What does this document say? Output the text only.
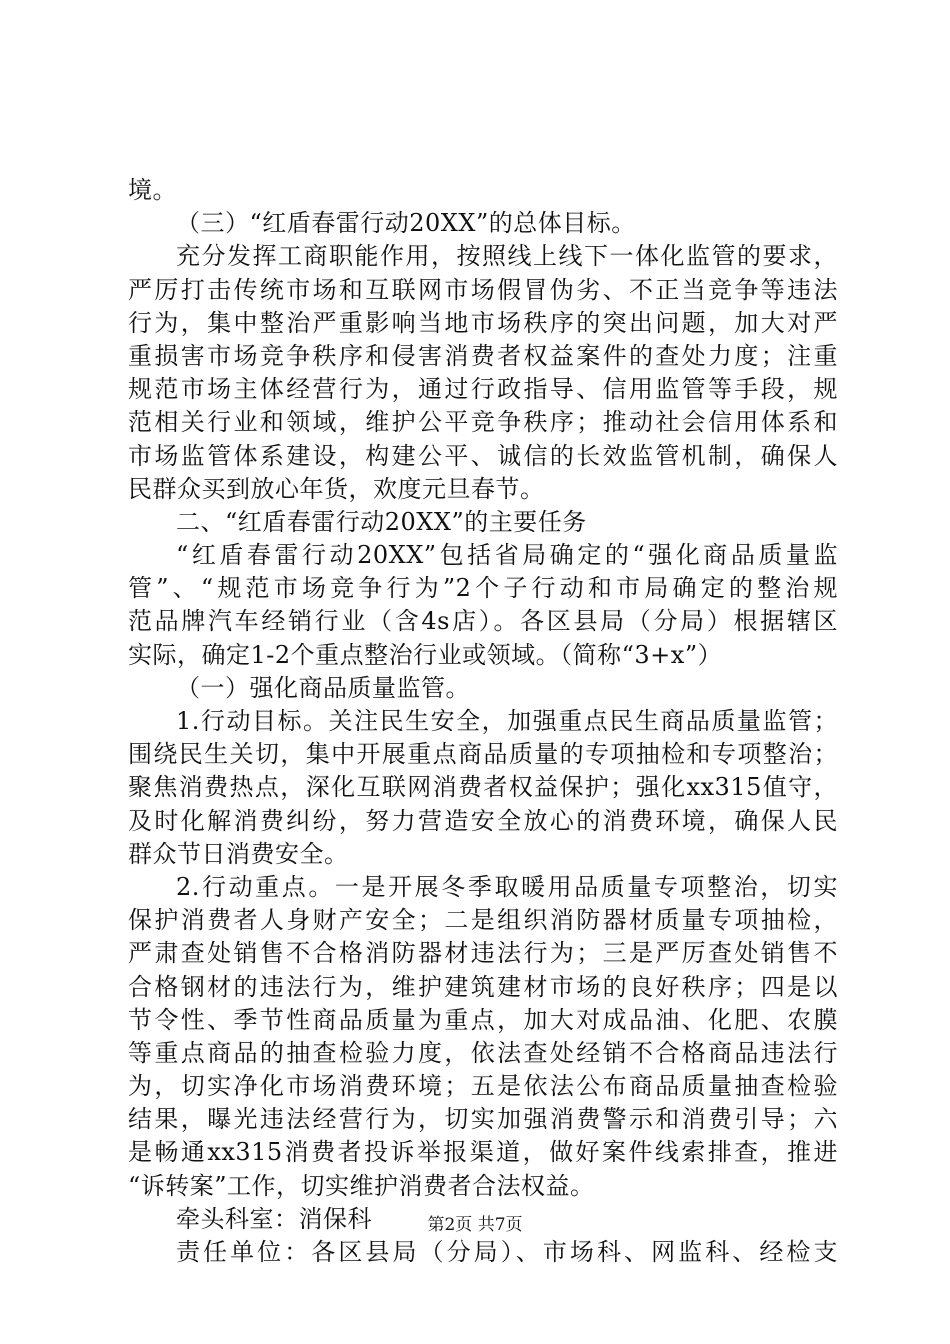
境。
（三）“红盾春雷行动20XX”的总体目标。
充分发挥工商职能作用，按照线上线下一体化监管的要求，
严厉打击传统市场和互联网市场假冒伪劣、不正当竞争等违法
行为，集中整治严重影响当地市场秩序的突出问题，加大对严
重损害市场竞争秩序和侵害消费者权益案件的查处力度；注重
规范市场主体经营行为，通过行政指导、信用监管等手段，规
范相关行业和领域，维护公平竞争秩序；推动社会信用体系和
市场监管体系建设，构建公平、诚信的长效监管机制，确保人
民群众买到放心年货，欢度元旦春节。
二、“红盾春雷行动20XX”的主要任务
“红盾春雷行动20XX”包括省局确定的“强化商品质量监
管”、“规范市场竞争行为”2个子行动和市局确定的整治规
范品牌汽车经销行业（含4s店）。各区县局（分局）根据辖区
实际，确定1-2个重点整治行业或领域。（简称“3+x”）
（一）强化商品质量监管。
1.行动目标。关注民生安全，加强重点民生商品质量监管；
围绕民生关切，集中开展重点商品质量的专项抽检和专项整治；
聚焦消费热点，深化互联网消费者权益保护；强化xx315值守，
及时化解消费纠纷，努力营造安全放心的消费环境，确保人民
群众节日消费安全。
2.行动重点。一是开展冬季取暖用品质量专项整治，切实
保护消费者人身财产安全；二是组织消防器材质量专项抽检，
严肃查处销售不合格消防器材违法行为；三是严厉查处销售不
合格钢材的违法行为，维护建筑建材市场的良好秩序；四是以
节令性、季节性商品质量为重点，加大对成品油、化肥、农膜
等重点商品的抽查检验力度，依法查处经销不合格商品违法行
为，切实净化市场消费环境；五是依法公布商品质量抽查检验
结果，曝光违法经营行为，切实加强消费警示和消费引导；六
是畅通xx315消费者投诉举报渠道，做好案件线索排查，推进
“诉转案”工作，切实维护消费者合法权益。
牵头科室：消保科
责任单位：各区县局（分局）、市场科、网监科、经检支
第2页 共7页
